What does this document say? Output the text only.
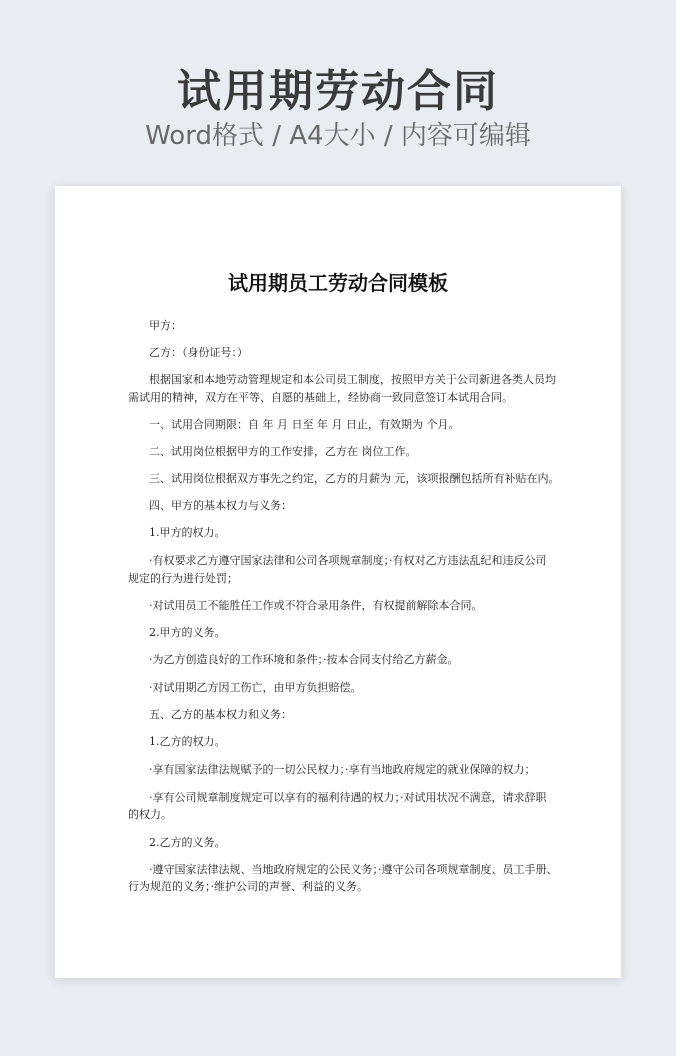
试用期劳动合同
Word格式 / A4大小 / 内容可编辑
试用期员工劳动合同模板
甲方：
乙方：（身份证号：）
根据国家和本地劳动管理规定和本公司员工制度，按照甲方关于公司新进各类人员均
需试用的精神，双方在平等、自愿的基础上，经协商一致同意签订本试用合同。
一、试用合同期限：自 年 月 日至 年 月 日止，有效期为 个月。
二、试用岗位根据甲方的工作安排，乙方在 岗位工作。
三、试用岗位根据双方事先之约定，乙方的月薪为 元，该项报酬包括所有补贴在内。
四、甲方的基本权力与义务：
1.甲方的权力。
·有权要求乙方遵守国家法律和公司各项规章制度；·有权对乙方违法乱纪和违反公司
规定的行为进行处罚；
·对试用员工不能胜任工作或不符合录用条件，有权提前解除本合同。
2.甲方的义务。
·为乙方创造良好的工作环境和条件；·按本合同支付给乙方薪金。
·对试用期乙方因工伤亡，由甲方负担赔偿。
五、乙方的基本权力和义务：
1.乙方的权力。
·享有国家法律法规赋予的一切公民权力；·享有当地政府规定的就业保障的权力；
·享有公司规章制度规定可以享有的福利待遇的权力；·对试用状况不满意，请求辞职
的权力。
2.乙方的义务。
·遵守国家法律法规、当地政府规定的公民义务；·遵守公司各项规章制度、员工手册、
行为规范的义务；·维护公司的声誉、利益的义务。
